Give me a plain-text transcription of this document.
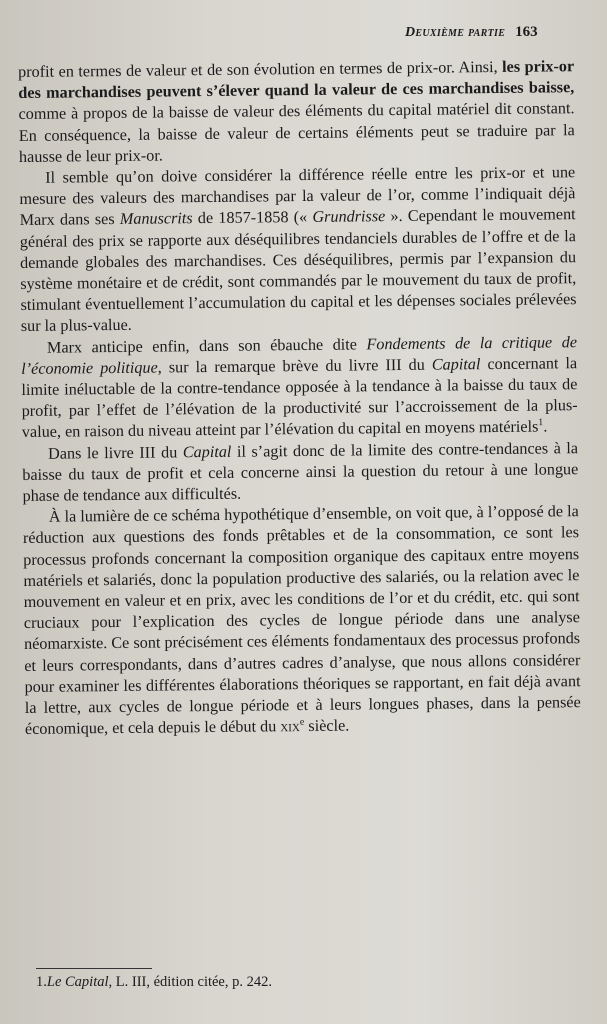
Deuxième partie 163

profit en termes de valeur et de son évolution en termes de prix-or. Ainsi, les prix-or des marchandises peuvent s’élever quand la valeur de ces marchandises baisse, comme à propos de la baisse de valeur des éléments du capital matériel dit constant. En conséquence, la baisse de valeur de certains éléments peut se traduire par la hausse de leur prix-or.

Il semble qu’on doive considérer la différence réelle entre les prix-or et une mesure des valeurs des marchandises par la valeur de l’or, comme l’indiquait déjà Marx dans ses Manuscrits de 1857-1858 (« Grundrisse ». Cependant le mouvement général des prix se rapporte aux déséquilibres tendanciels durables de l’offre et de la demande globales des marchandises. Ces déséquilibres, permis par l’expansion du système monétaire et de crédit, sont commandés par le mouvement du taux de profit, stimulant éventuellement l’accumulation du capital et les dépenses sociales prélevées sur la plus-value.

Marx anticipe enfin, dans son ébauche dite Fondements de la critique de l’économie politique, sur la remarque brève du livre III du Capital concernant la limite inéluctable de la contre-tendance opposée à la tendance à la baisse du taux de profit, par l’effet de l’élévation de la productivité sur l’accroissement de la plus-value, en raison du niveau atteint par l’élévation du capital en moyens matériels$^1$.

Dans le livre III du Capital il s’agit donc de la limite des contre-tendances à la baisse du taux de profit et cela concerne ainsi la question du retour à une longue phase de tendance aux difficultés.

À la lumière de ce schéma hypothétique d’ensemble, on voit que, à l’opposé de la réduction aux questions des fonds prêtables et de la consommation, ce sont les processus profonds concernant la composition organique des capitaux entre moyens matériels et salariés, donc la population productive des salariés, ou la relation avec le mouvement en valeur et en prix, avec les conditions de l’or et du crédit, etc. qui sont cruciaux pour l’explication des cycles de longue période dans une analyse néomarxiste. Ce sont précisément ces éléments fondamentaux des processus profonds et leurs correspondants, dans d’autres cadres d’analyse, que nous allons considérer pour examiner les différentes élaborations théoriques se rapportant, en fait déjà avant la lettre, aux cycles de longue période et à leurs longues phases, dans la pensée économique, et cela depuis le début du xix$^e$ siècle.

1.Le Capital, L. III, édition citée, p. 242.
